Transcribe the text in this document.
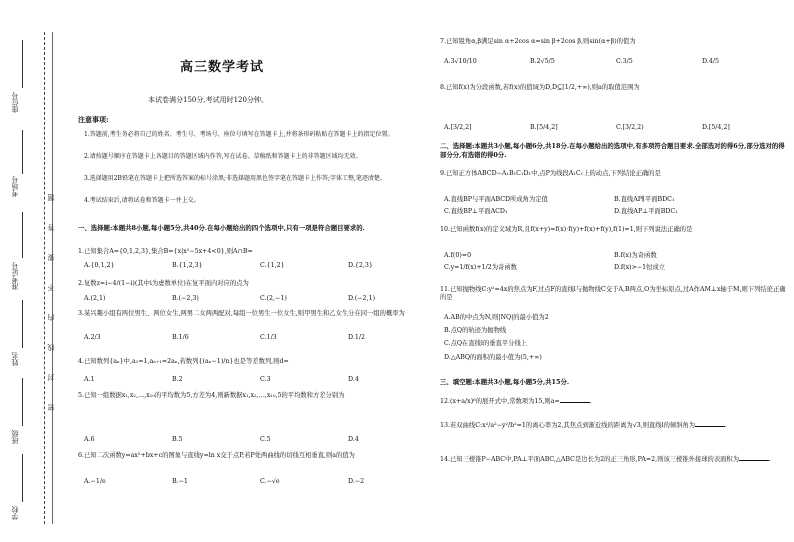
座位号
考场号
准考证号
姓名
班级
学校
题
答
要
不
内
线
封
密
高三数学考试
本试卷满分150分,考试用时120分钟。
注意事项:
1.答题前,考生务必将自己的姓名、考生号、考场号、座位号填写在答题卡上,并将条形码粘贴在答题卡上的指定位置。
2.请按题号顺序在答题卡上各题目的答题区域内作答,写在试卷、草稿纸和答题卡上的非答题区域均无效。
3.选择题用2B铅笔在答题卡上把所选答案的标号涂黑;非选择题用黑色签字笔在答题卡上作答;字体工整,笔迹清楚。
4.考试结束后,请将试卷和答题卡一并上交。
一、选择题:本题共8小题,每小题5分,共40分.在每小题给出的四个选项中,只有一项是符合题目要求的.
1.已知集合A={0,1,2,3},集合B={x|x²−5x+4<0},则A∩B=
A.{0,1,2}	B.{1,2,3}	C.{1,2}	D.{2,3}
2.复数z=i−4/(1−i)(其中i为虚数单位)在复平面内对应的点为
A.(2,1)	B.(−2,3)	C.(2,−1)	D.(−2,1)
3.某兴趣小组有两位男生、两位女生,两男二女两两配对,每组一位男生一位女生,则甲男生和乙女生分在同一组的概率为
A.2/3	B.1/6	C.1/3	D.1/2
4.已知数列{aₙ}中,a₁=1,aₙ₊₁=2aₙ,若数列{(aₙ−1)/n}也是等差数列,则d=
A.1	B.2	C.3	D.4
5.已知一组数据x₁,x₂,…,x₁₀的平均数为5,方差为4,则新数据x₁,x₂,…,x₁₀,5的平均数和方差分别为
A.6	B.5	C.5	D.4
6.已知二次函数y=ax²+bx+c的图象与直线y=ln x交于点P,若P处两曲线的切线互相垂直,则a的值为
A.−1/e	B.−1	C.−√e	D.−2
7.已知锐角α,β满足sin α+2cos α=sin β+2cos β,则sin(α+β)的值为
A.3√10/10	B.2√5/5	C.3/5	D.4/5
8.已知f(x)为分段函数,若f(x)的值域为D,D⊆[1/2,+∞),则a的取值范围为
A.[3/2,2]	B.[5/4,2]	C.[3/2,2)	D.[5/4,2]
二、选择题:本题共3小题,每小题6分,共18分.在每小题给出的选项中,有多项符合题目要求.全部选对的得6分,部分选对的得部分分,有选错的得0分.
9.已知正方体ABCD−A₁B₁C₁D₁中,点P为线段A₁C₁上的动点,下列结论正确的是
A.直线BP与平面ABCD所成角为定值	B.直线AP∥平面BDC₁
C.直线BP⊥平面ACD₁	D.直线AP⊥平面BDC₁
10.已知函数f(x)的定义域为R,且f(x+y)=f(x)·f(y)+f(x)+f(y),f(1)=1,则下列说法正确的是
A.f(0)=0	B.f(x)为奇函数
C.y=1/f(x)+1/2为奇函数	D.f(x)>−1恒成立
11.已知抛物线C:y²=4x的焦点为F,过点F的直线l与抛物线C交于A,B两点,O为坐标原点,过A作AM⊥x轴于M,则下列结论正确的是
A.AB的中点为N,则|NQ|的最小值为2
B.点Q的轨迹为抛物线
C.点Q在直线l的垂直平分线上
D.△ABQ的面积的最小值为(5,+∞)
三、填空题:本题共3小题,每小题5分,共15分.
12.(x+a/x)⁶的展开式中,常数项为15,则a=	.
13.若双曲线C:x²/a²−y²/b²=1的离心率为2,其焦点到渐近线的距离为√3,则直线l的倾斜角为	.
14.已知三棱锥P−ABC中,PA⊥平面ABC,△ABC是边长为2的正三角形,PA=2,则该三棱锥外接球的表面积为	.
